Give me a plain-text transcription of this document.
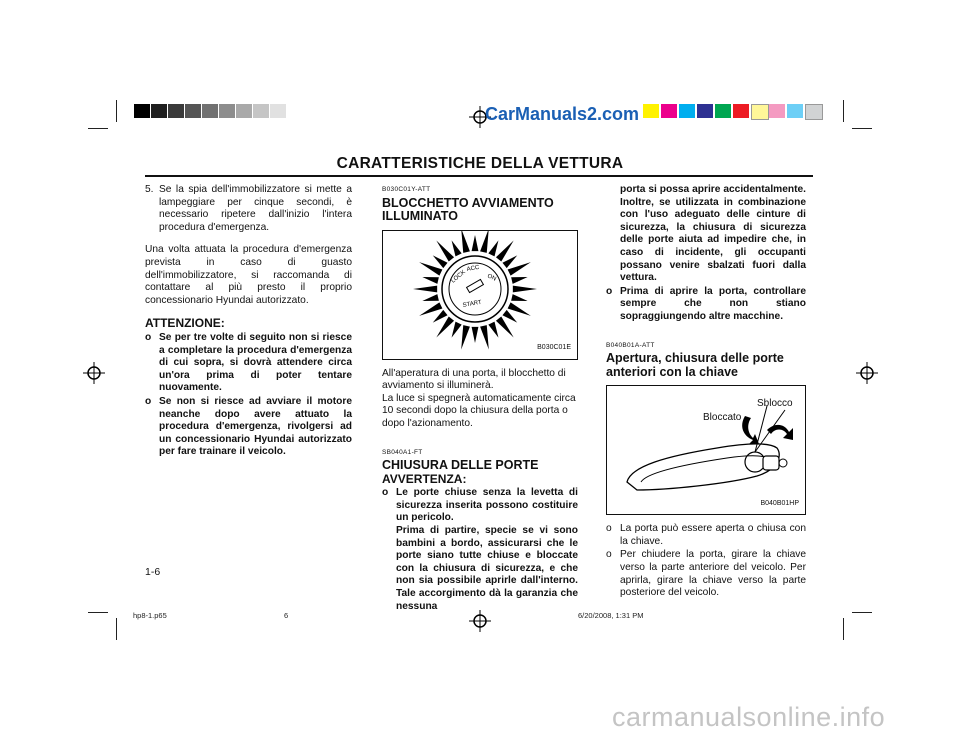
CarManuals2.com
CARATTERISTICHE DELLA VETTURA
5. Se la spia dell'immobilizzatore si mette a lampeggiare per cinque secondi, è necessario ripetere dall'inizio l'intera procedura d'emergenza.

Una volta attuata la procedura d'emergenza prevista in caso di guasto dell'immobilizzatore, si raccomanda di contattare al più presto il proprio concessionario Hyundai autorizzato.

ATTENZIONE:
o Se per tre volte di seguito non si riesce a completare la procedura d'emergenza di cui sopra, si dovrà attendere circa un'ora prima di poter tentare nuovamente.
o Se non si riesce ad avviare il motore neanche dopo avere attuato la procedura d'emergenza, rivolgersi ad un concessionario Hyundai autorizzato per fare trainare il veicolo.
B030C01Y-ATT
BLOCCHETTO AVVIAMENTO ILLUMINATO
LOCK
ACC
ON
START
B030C01E

All'aperatura di una porta, il blocchetto di avviamento si illuminerà.

La luce si spegnerà automaticamente circa 10 secondi dopo la chiusura della porta o dopo l'azionamento.

SB040A1-FT
CHIUSURA DELLE PORTE
AVVERTENZA:
o Le porte chiuse senza la levetta di sicurezza inserita possono costituire un pericolo.
Prima di partire, specie se vi sono bambini a bordo, assicurarsi che le porte siano tutte chiuse e bloccate con la chiusura di sicurezza, e che non sia possibile aprirle dall'interno. Tale accorgimento dà la garanzia che nessuna
porta si possa aprire accidentalmente. Inoltre, se utilizzata in combinazione con l'uso adeguato delle cinture di sicurezza, la chiusura di sicurezza delle porte aiuta ad impedire che, in caso di incidente, gli occupanti possano venire sbalzati fuori dalla vettura.
o Prima di aprire la porta, controllare sempre che non stiano sopraggiungendo altre macchine.
B040B01A-ATT
Apertura, chiusura delle porte anteriori con la chiave
Sblocco
Bloccato
B040B01HP
o La porta può essere aperta o chiusa con la chiave.
o Per chiudere la porta, girare la chiave verso la parte anteriore del veicolo. Per aprirla, girare la chiave verso la parte posteriore del veicolo.
1-6
hp8-1.p65	6	6/20/2008, 1:31 PM
carmanualsonline.info
